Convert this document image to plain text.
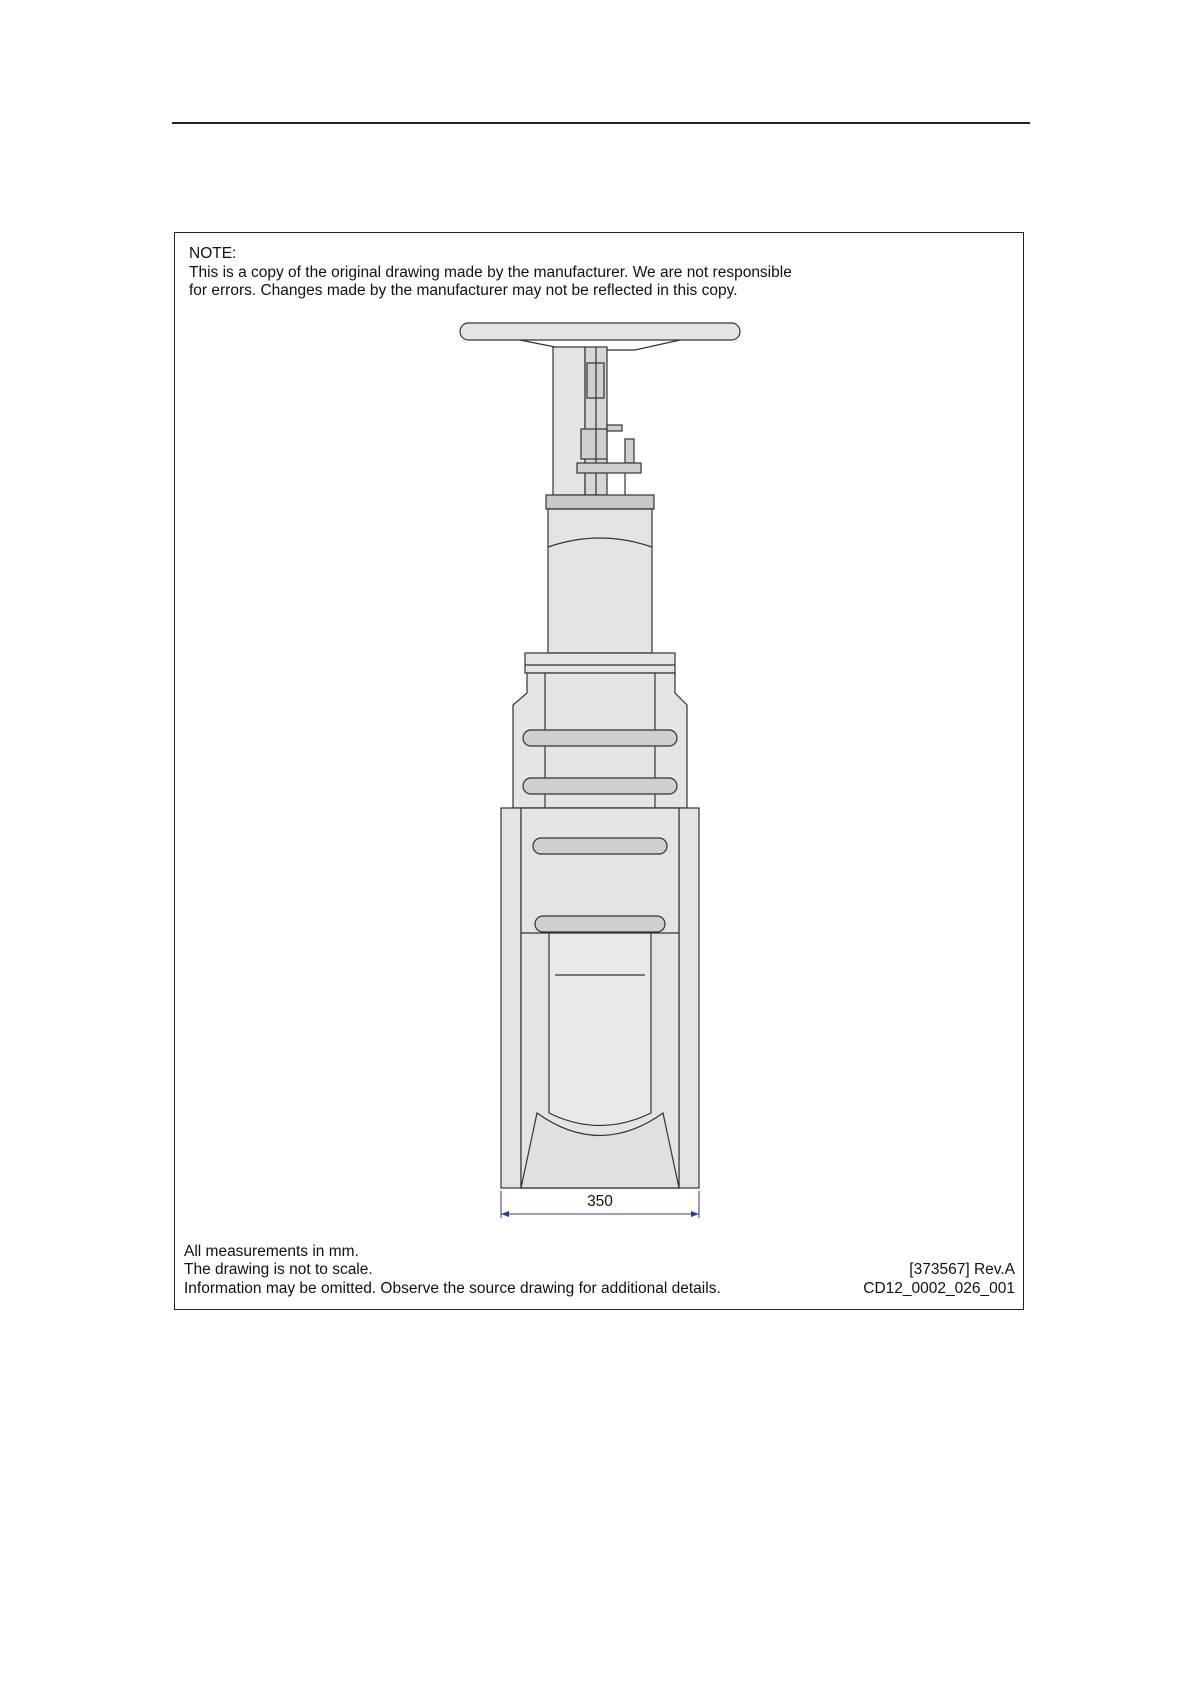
NOTE:
This is a copy of the original drawing made by the manufacturer. We are not responsible
for errors. Changes made by the manufacturer may not be reflected in this copy.
350
All measurements in mm.
The drawing is not to scale.
Information may be omitted. Observe the source drawing for additional details.
[373567] Rev.A
CD12_0002_026_001
